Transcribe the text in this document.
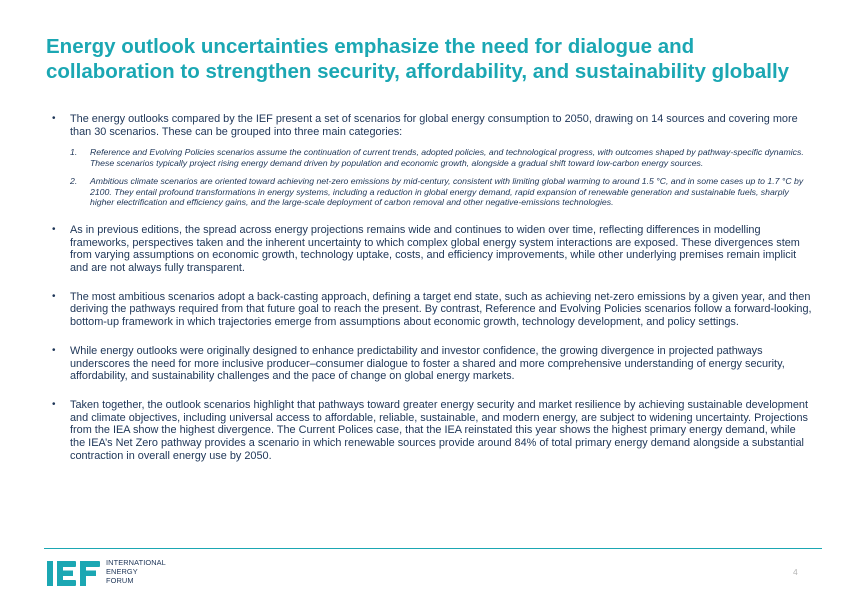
Energy outlook uncertainties emphasize the need for dialogue and
collaboration to strengthen security, affordability, and sustainability globally
• The energy outlooks compared by the IEF present a set of scenarios for global energy consumption to 2050, drawing on 14 sources and covering more than 30 scenarios. These can be grouped into three main categories:
1. Reference and Evolving Policies scenarios assume the continuation of current trends, adopted policies, and technological progress, with outcomes shaped by pathway-specific dynamics. These scenarios typically project rising energy demand driven by population and economic growth, alongside a gradual shift toward low-carbon energy sources.
2. Ambitious climate scenarios are oriented toward achieving net-zero emissions by mid-century, consistent with limiting global warming to around 1.5 °C, and in some cases up to 1.7 °C by 2100. They entail profound transformations in energy systems, including a reduction in global energy demand, rapid expansion of renewable generation and sustainable fuels, sharply higher electrification and efficiency gains, and the large-scale deployment of carbon removal and other negative-emissions technologies.
• As in previous editions, the spread across energy projections remains wide and continues to widen over time, reflecting differences in modelling frameworks, perspectives taken and the inherent uncertainty to which complex global energy system interactions are exposed. These divergences stem from varying assumptions on economic growth, technology uptake, costs, and efficiency improvements, while other underlying premises remain implicit and are not always fully transparent.
• The most ambitious scenarios adopt a back-casting approach, defining a target end state, such as achieving net-zero emissions by a given year, and then deriving the pathways required from that future goal to reach the present. By contrast, Reference and Evolving Policies scenarios follow a forward-looking, bottom-up framework in which trajectories emerge from assumptions about economic growth, technology development, and policy settings.
• While energy outlooks were originally designed to enhance predictability and investor confidence, the growing divergence in projected pathways underscores the need for more inclusive producer–consumer dialogue to foster a shared and more comprehensive understanding of energy security, affordability, and sustainability challenges and the pace of change on global energy markets.
• Taken together, the outlook scenarios highlight that pathways toward greater energy security and market resilience by achieving sustainable development and climate objectives, including universal access to affordable, reliable, sustainable, and modern energy, are subject to widening uncertainty. Projections from the IEA show the highest divergence. The Current Polices case, that the IEA reinstated this year shows the highest primary energy demand, while the IEA’s Net Zero pathway provides a scenario in which renewable sources provide around 84% of total primary energy demand alongside a substantial contraction in overall energy use by 2050.
INTERNATIONAL
ENERGY
FORUM
4
